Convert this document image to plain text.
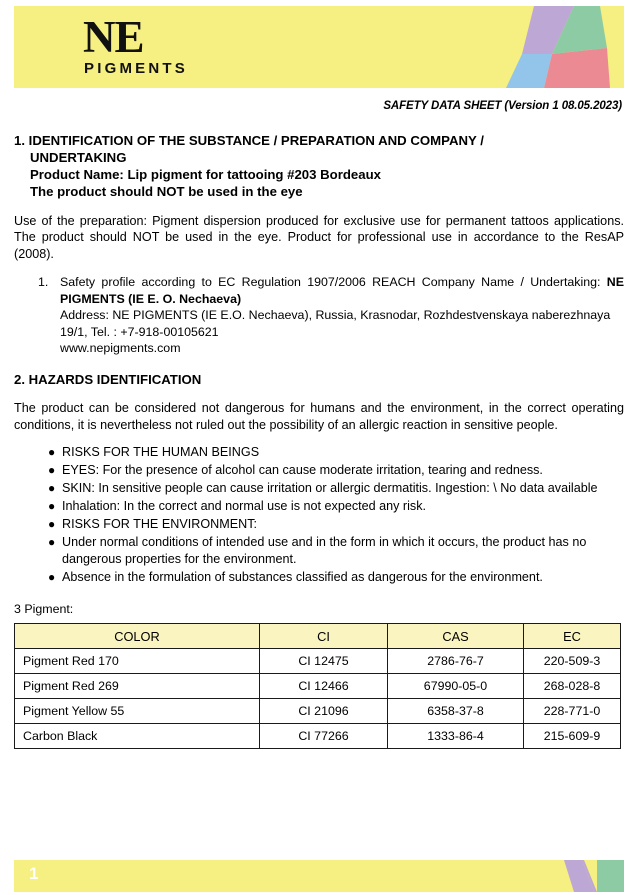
NE
PIGMENTS
SAFETY DATA SHEET (Version 1 08.05.2023)
1. IDENTIFICATION OF THE SUBSTANCE / PREPARATION AND COMPANY /
UNDERTAKING
Product Name: Lip pigment for tattooing #203 Bordeaux
The product should NOT be used in the eye
Use of the preparation: Pigment dispersion produced for exclusive use for permanent tattoos applications. The product should NOT be used in the eye. Product for professional use in accordance to the ResAP (2008).
1. Safety profile according to EC Regulation 1907/2006 REACH Company Name / Undertaking: NE PIGMENTS (IE E. O. Nechaeva)
Address: NE PIGMENTS (IE E.O. Nechaeva), Russia, Krasnodar, Rozhdestvenskaya naberezhnaya 19/1, Tel. : +7-918-00105621
www.nepigments.com
2. HAZARDS IDENTIFICATION
The product can be considered not dangerous for humans and the environment, in the correct operating conditions, it is nevertheless not ruled out the possibility of an allergic reaction in sensitive people.
● RISKS FOR THE HUMAN BEINGS
● EYES: For the presence of alcohol can cause moderate irritation, tearing and redness.
● SKIN: In sensitive people can cause irritation or allergic dermatitis. Ingestion: \ No data available
● Inhalation: In the correct and normal use is not expected any risk.
● RISKS FOR THE ENVIRONMENT:
● Under normal conditions of intended use and in the form in which it occurs, the product has no dangerous properties for the environment.
● Absence in the formulation of substances classified as dangerous for the environment.
3 Pigment:
COLOR	CI	CAS	EC
Pigment Red 170	CI 12475	2786-76-7	220-509-3
Pigment Red 269	CI 12466	67990-05-0	268-028-8
Pigment Yellow 55	CI 21096	6358-37-8	228-771-0
Carbon Black	CI 77266	1333-86-4	215-609-9
1
